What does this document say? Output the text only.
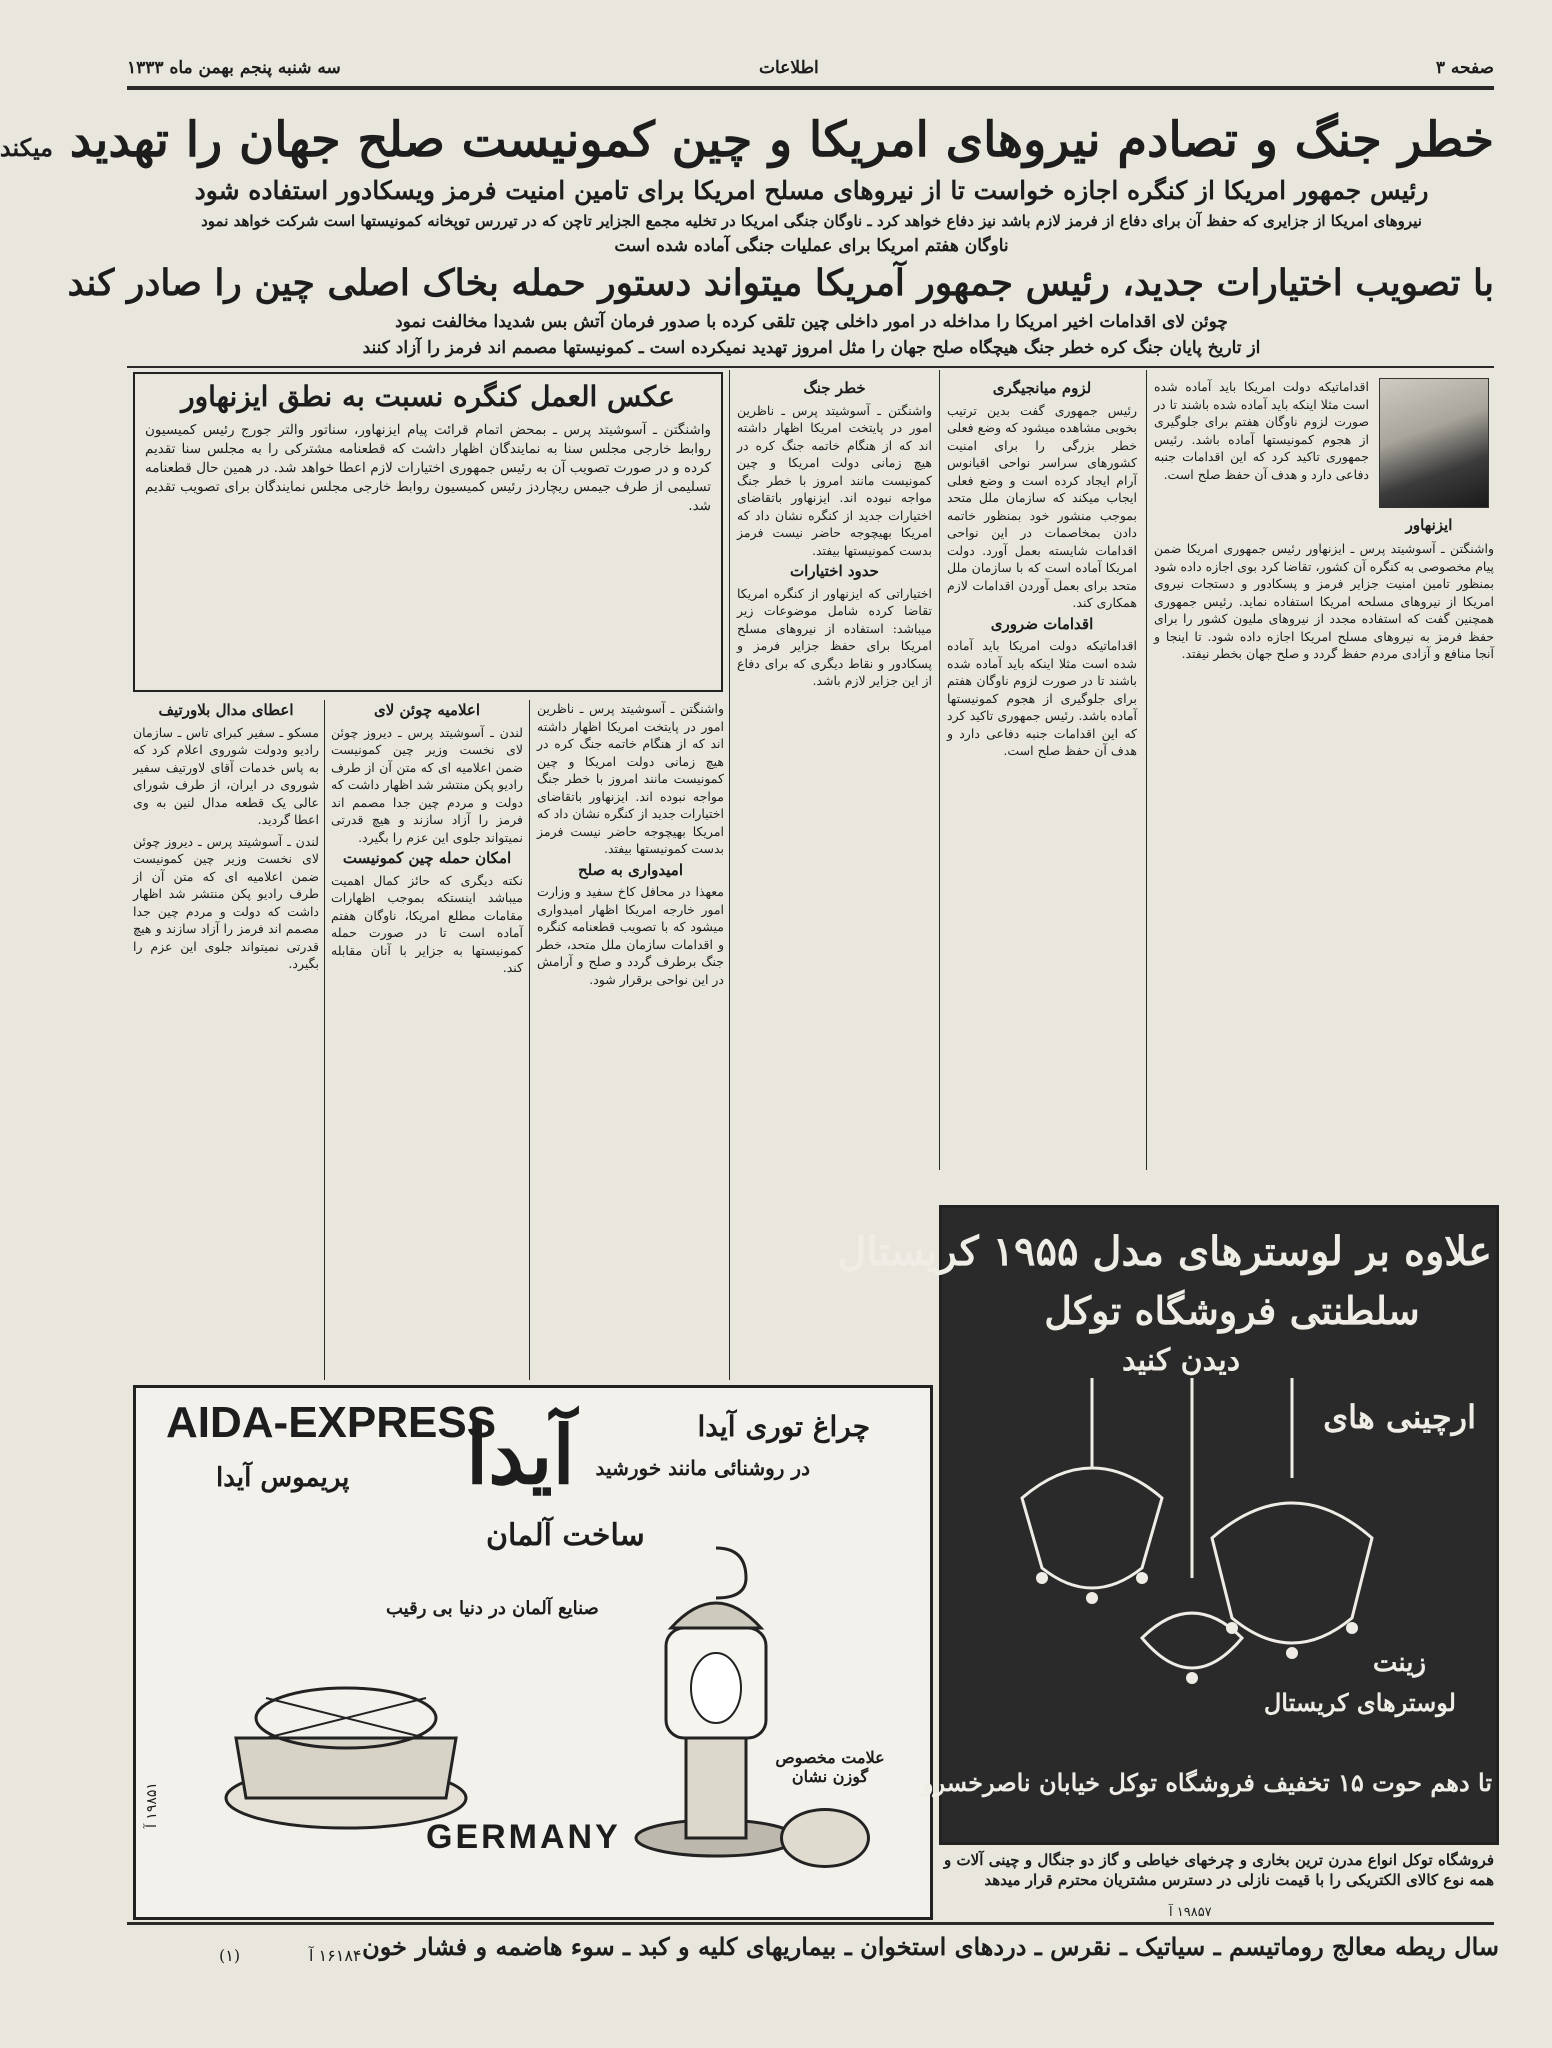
صفحه ۳
اطلاعات
سه شنبه پنجم بهمن ماه ۱۳۳۳
خطر جنگ و تصادم نیروهای امریکا و چین کمونیست صلح جهان را تهدید میکند
رئیس جمهور امریکا از کنگره اجازه خواست تا از نیروهای مسلح امریکا برای تامین امنیت فرمز ویسکادور استفاده شود
نیروهای امریکا از جزایری که حفظ آن برای دفاع از فرمز لازم باشد نیز دفاع خواهد کرد ـ ناوگان جنگی امریکا در تخلیه مجمع الجزایر تاچن که در تیررس توپخانه کمونیستها است شرکت خواهد نمود
ناوگان هفتم امریکا برای عملیات جنگی آماده شده است
با تصویب اختیارات جدید، رئیس جمهور آمریکا میتواند دستور حمله بخاک اصلی چین را صادر کند
چوئن لای اقدامات اخیر امریکا را مداخله در امور داخلی چین تلقی کرده با صدور فرمان آتش بس شدیدا مخالفت نمود
از تاریخ پایان جنگ کره خطر جنگ هیچگاه صلح جهان را مثل امروز تهدید نمیکرده است ـ کمونیستها مصمم اند فرمز را آزاد کنند
ایزنهاور

واشنگتن ـ آسوشیتد پرس ـ ایزنهاور رئیس جمهوری امریکا ضمن پیام مخصوصی به کنگره آن کشور، تقاضا کرد بوی اجازه داده شود بمنظور تامین امنیت جزایر فرمز و پسکادور و دستجات نیروی امریکا از نیروهای مسلحه امریکا استفاده نماید. رئیس جمهوری همچنین گفت که استفاده مجدد از نیروهای ملیون کشور را برای حفظ فرمز به نیروهای مسلح امریکا اجازه داده شود. تا اینجا و آنجا منافع و آزادی مردم حفظ گردد و صلح جهان بخطر نیفتد.

اقداماتیکه دولت امریکا باید آماده شده است مثلا اینکه باید آماده شده باشند تا در صورت لزوم ناوگان هفتم برای جلوگیری از هجوم کمونیستها آماده باشد. رئیس جمهوری تاکید کرد که این اقدامات جنبه دفاعی دارد و هدف آن حفظ صلح است.

لزوم میانجیگری

رئیس جمهوری گفت بدین ترتیب بخوبی مشاهده میشود که وضع فعلی خطر بزرگی را برای امنیت کشورهای سراسر نواحی اقیانوس آرام ایجاد کرده است و وضع فعلی ایجاب میکند که سازمان ملل متحد بموجب منشور خود بمنظور خاتمه دادن بمخاصمات در این نواحی اقدامات شایسته بعمل آورد. دولت امریکا آماده است که با سازمان ملل متحد برای بعمل آوردن اقدامات لازم همکاری کند.

اقدامات ضروری

اقداماتیکه دولت امریکا باید آماده شده است مثلا اینکه باید آماده شده باشند تا در صورت لزوم ناوگان هفتم برای جلوگیری از هجوم کمونیستها آماده باشد. رئیس جمهوری تاکید کرد که این اقدامات جنبه دفاعی دارد و هدف آن حفظ صلح است.

خطر جنگ

واشنگتن ـ آسوشیتد پرس ـ ناظرین امور در پایتخت امریکا اظهار داشته اند که از هنگام خاتمه جنگ کره در هیچ زمانی دولت امریکا و چین کمونیست مانند امروز با خطر جنگ مواجه نبوده اند. ایزنهاور باتقاضای اختیارات جدید از کنگره نشان داد که امریکا بهیچوجه حاضر نیست فرمز بدست کمونیستها بیفتد.

حدود اختیارات

اختیاراتی که ایزنهاور از کنگره امریکا تقاضا کرده شامل موضوعات زیر میباشد: استفاده از نیروهای مسلح امریکا برای حفظ جزایر فرمز و پسکادور و نقاط دیگری که برای دفاع از این جزایر لازم باشد.

عکس العمل کنگره نسبت به نطق ایزنهاور

واشنگتن ـ آسوشیتد پرس ـ بمحض اتمام قرائت پیام ایزنهاور، سناتور والتر جورج رئیس کمیسیون روابط خارجی مجلس سنا به نمایندگان اظهار داشت که قطعنامه مشترکی را به مجلس سنا تقدیم کرده و در صورت تصویب آن به رئیس جمهوری اختیارات لازم اعطا خواهد شد. در همین حال قطعنامه تسلیمی از طرف جیمس ریچاردز رئیس کمیسیون روابط خارجی مجلس نمایندگان برای تصویب تقدیم شد.

واشنگتن ـ آسوشیتد پرس ـ ناظرین امور در پایتخت امریکا اظهار داشته اند که از هنگام خاتمه جنگ کره در هیچ زمانی دولت امریکا و چین کمونیست مانند امروز با خطر جنگ مواجه نبوده اند. ایزنهاور باتقاضای اختیارات جدید از کنگره نشان داد که امریکا بهیچوجه حاضر نیست فرمز بدست کمونیستها بیفتد.

امیدواری به صلح

معهذا در محافل کاخ سفید و وزارت امور خارجه امریکا اظهار امیدواری میشود که با تصویب قطعنامه کنگره و اقدامات سازمان ملل متحد، خطر جنگ برطرف گردد و صلح و آرامش در این نواحی برقرار شود.

اعلامیه چوئن لای

لندن ـ آسوشیتد پرس ـ دیروز چوئن لای نخست وزیر چین کمونیست ضمن اعلامیه ای که متن آن از طرف رادیو پکن منتشر شد اظهار داشت که دولت و مردم چین جدا مصمم اند فرمز را آزاد سازند و هیچ قدرتی نمیتواند جلوی این عزم را بگیرد.

امکان حمله چین کمونیست

نکته دیگری که حائز کمال اهمیت میباشد اینستکه بموجب اظهارات مقامات مطلع امریکا، ناوگان هفتم آماده است تا در صورت حمله کمونیستها به جزایر با آنان مقابله کند.

اعطای مدال بلاورتیف

مسکو ـ سفیر کبرای تاس ـ سازمان رادیو ودولت شوروی اعلام کرد که به پاس خدمات آقای لاورتیف سفیر شوروی در ایران، از طرف شورای عالی یک قطعه مدال لنین به وی اعطا گردید.

لندن ـ آسوشیتد پرس ـ دیروز چوئن لای نخست وزیر چین کمونیست ضمن اعلامیه ای که متن آن از طرف رادیو پکن منتشر شد اظهار داشت که دولت و مردم چین جدا مصمم اند فرمز را آزاد سازند و هیچ قدرتی نمیتواند جلوی این عزم را بگیرد.

AIDA-EXPRESS
آیدا	چراغ توری آیدا
در روشنائی مانند خورشید
ساخت آلمان
پریموس آیدا
صنایع آلمان در دنیا بی رقیب
GERMANY
علامت مخصوص گوزن نشان
۱۹۸۵۱ آ
علاوه بر لوسترهای مدل ۱۹۵۵ کریستال
سلطنتی فروشگاه توکل
دیدن کنید
ارچینی های
زینت
لوسترهای کریستال
تا دهم حوت ۱۵ تخفیف فروشگاه توکل خیابان ناصرخسرو
فروشگاه توکل انواع مدرن ترین بخاری و چرخهای خیاطی و گاز دو جنگال و چینی آلات و همه نوع کالای الکتریکی را با قیمت نازلی در دسترس مشتریان محترم قرار میدهد
۱۹۸۵۷ آ
سال ریطه معالج روماتیسم ـ سیاتیک ـ نقرس ـ دردهای استخوان ـ بیماریهای کلیه و کبد ـ سوء هاضمه و فشار خون
۱۶۱۸۴ آ
(۱)
